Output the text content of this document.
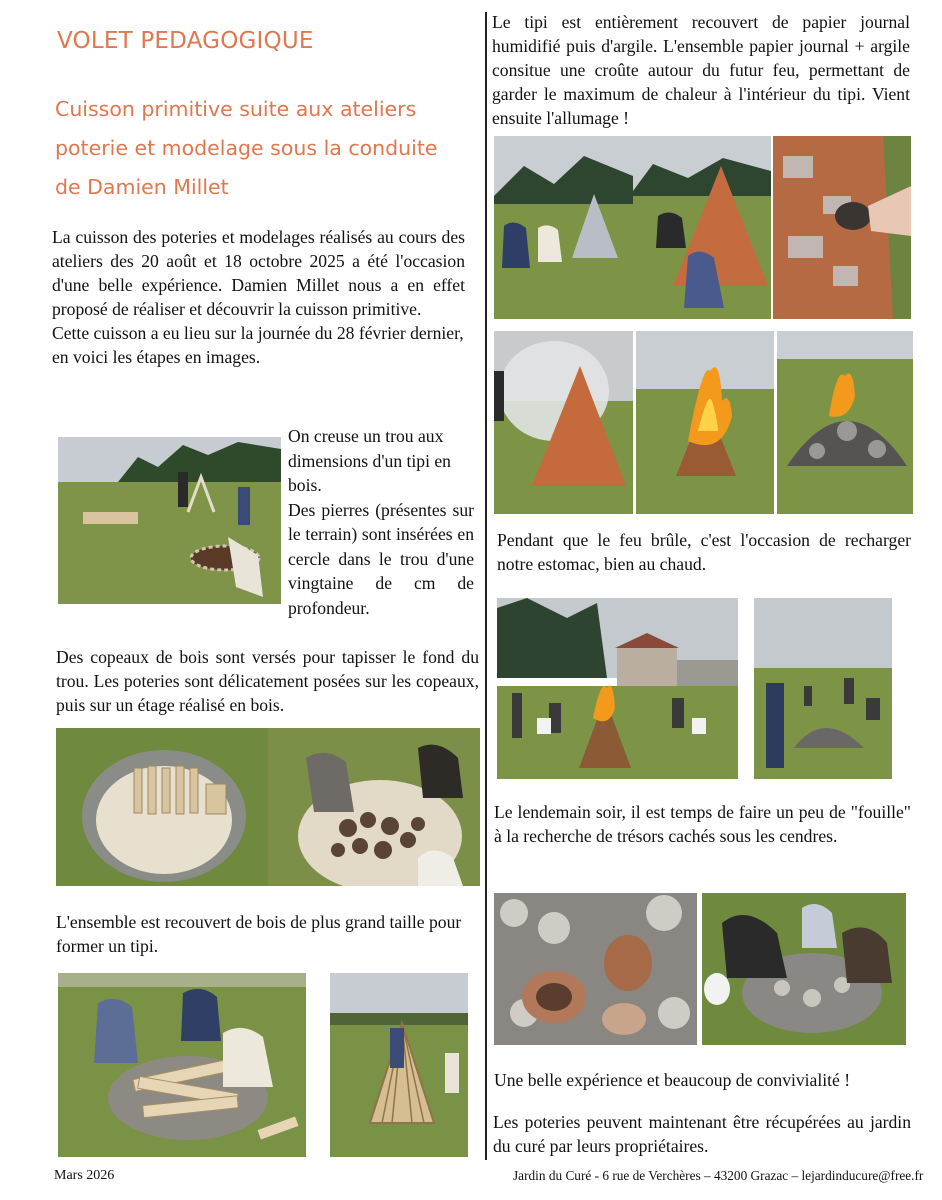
VOLET PEDAGOGIQUE
Cuisson primitive suite aux ateliers
poterie et modelage sous la conduite
de Damien Millet
La cuisson des poteries et modelages réalisés au cours des ateliers des 20 août et 18 octobre 2025 a été l'occasion d'une belle expérience. Damien Millet nous a en effet proposé de réaliser et découvrir la cuisson primitive.
Cette cuisson a eu lieu sur la journée du 28 février dernier, en voici les étapes en images.
On creuse un trou aux dimensions d'un tipi en bois.
Des pierres (présentes sur le terrain) sont insérées en cercle dans le trou d'une vingtaine de cm de profondeur.
Des copeaux de bois sont versés pour tapisser le fond du trou. Les poteries sont délicatement posées sur les copeaux, puis sur un étage réalisé en bois.
L'ensemble est recouvert de bois de plus grand taille pour former un tipi.
Mars 2026
Le tipi est entièrement recouvert de papier journal humidifié puis d'argile. L'ensemble papier journal + argile consitue une croûte autour du futur feu, permettant de garder le maximum de chaleur à l'intérieur du tipi. Vient ensuite l'allumage !
Pendant que le feu brûle, c'est l'occasion de recharger notre estomac, bien au chaud.
Le lendemain soir, il est temps de faire un peu de "fouille" à la recherche de trésors cachés sous les cendres.
Une belle expérience et beaucoup de convivialité !
Les poteries peuvent maintenant être récupérées au jardin du curé par leurs propriétaires.
Jardin du Curé - 6 rue de Verchères – 43200 Grazac – lejardinducure@free.fr
